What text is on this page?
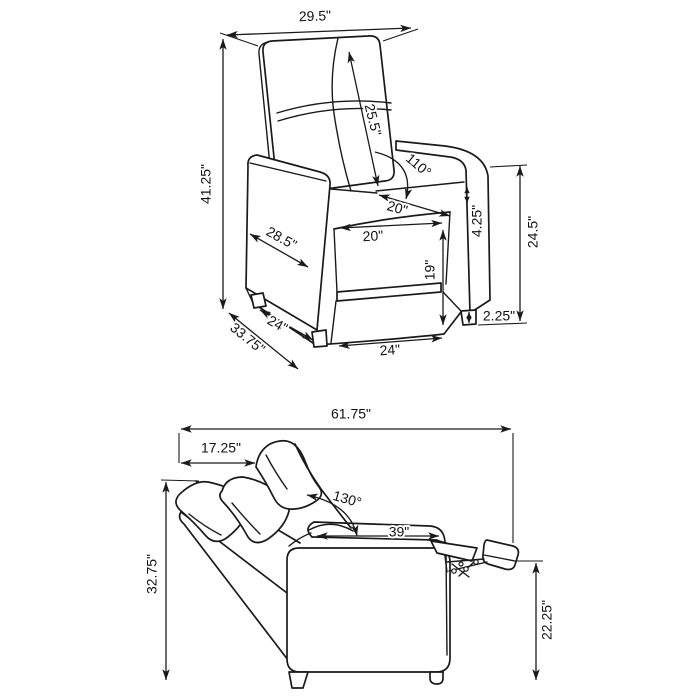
29.5"
41.25"
25.5"
110°
20"
20"
28.5"
4.25"	24.5"
19"
2.25"
24"
33.75"	24"
61.75"
17.25"
130°
39"
32.75"
22.25"
